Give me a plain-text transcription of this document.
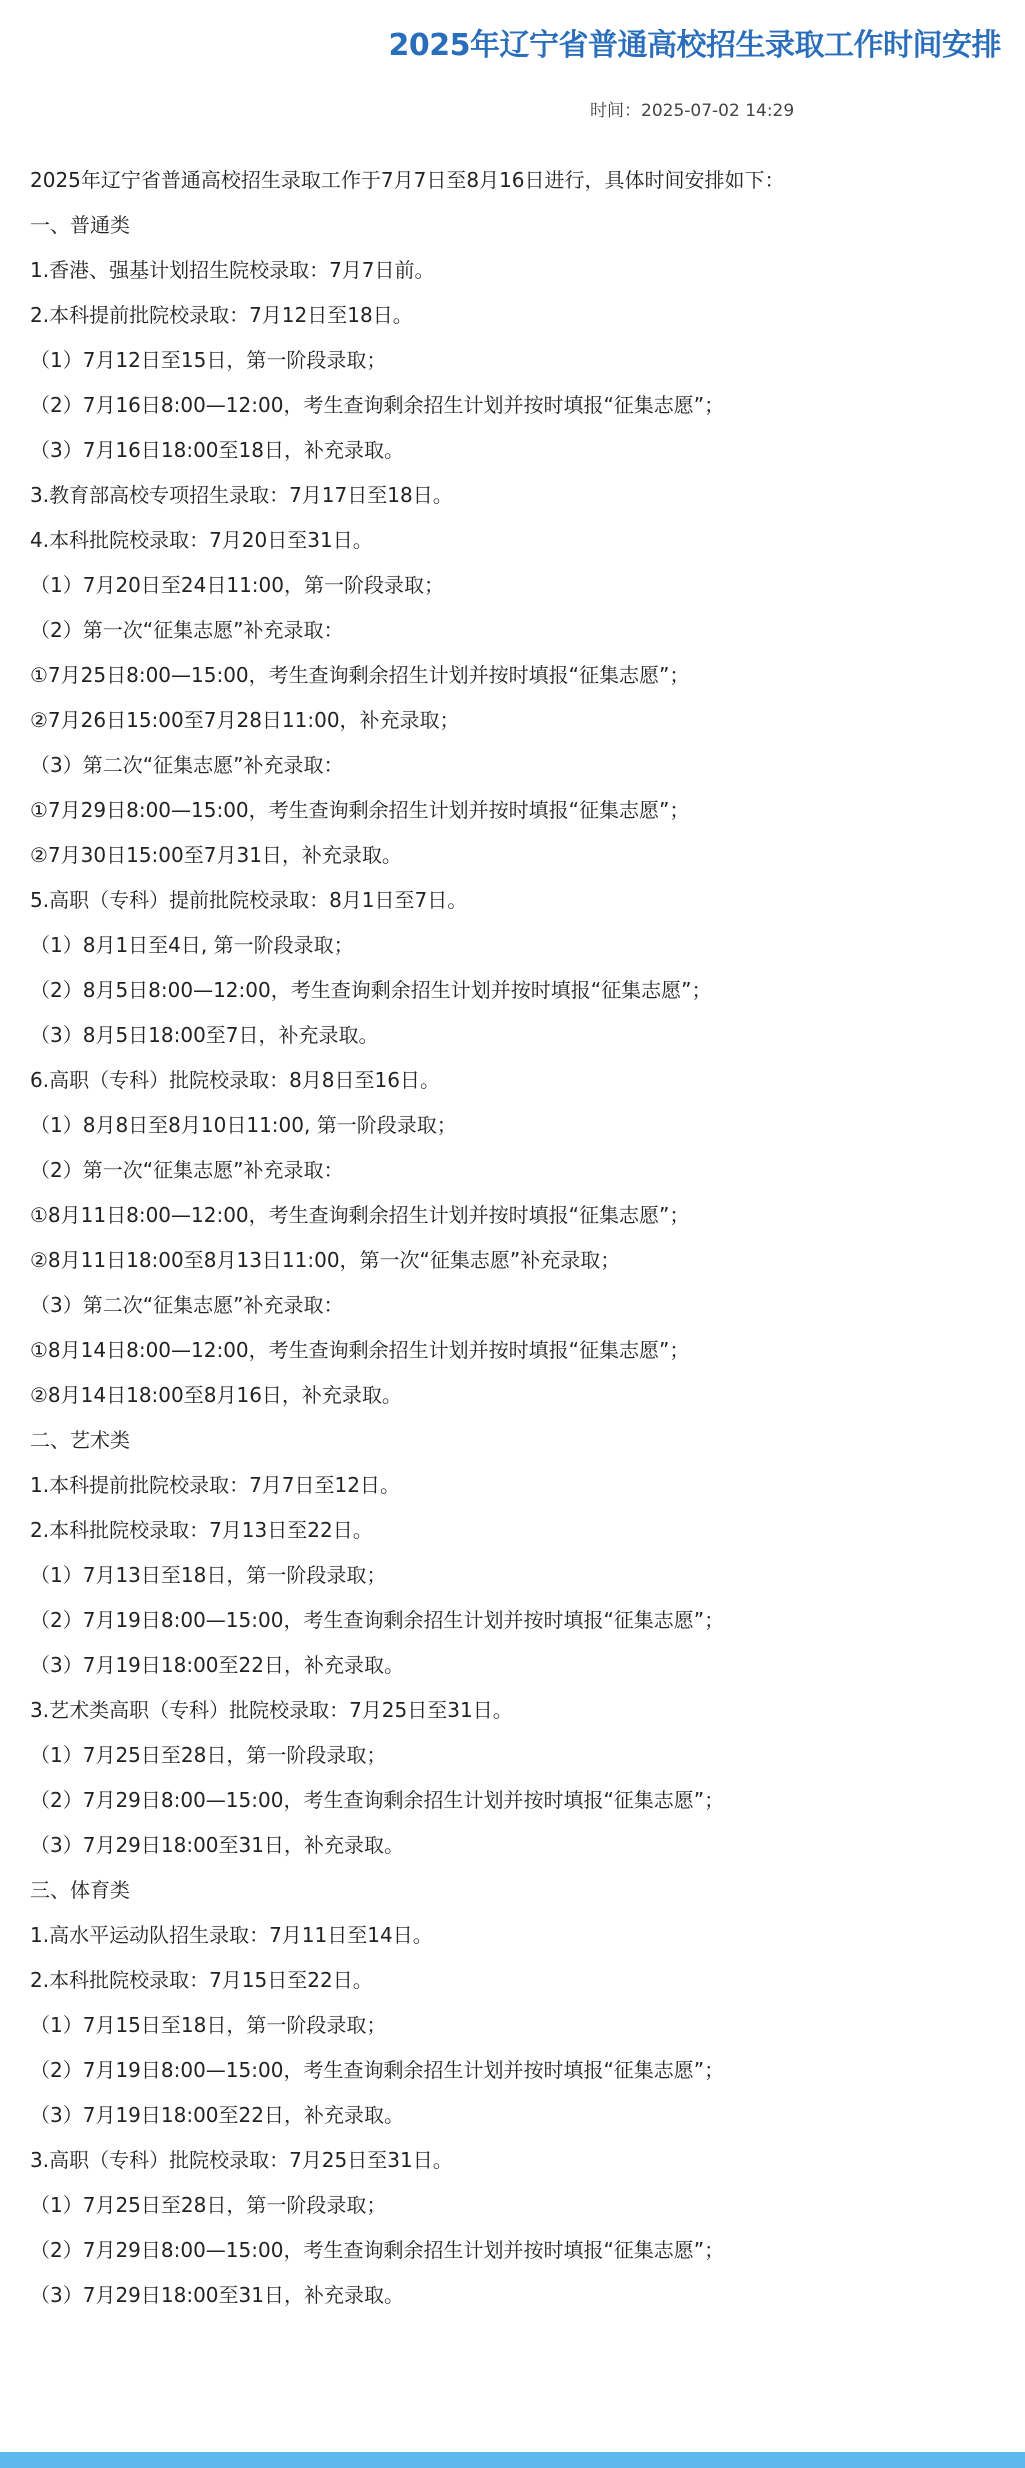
2025年辽宁省普通高校招生录取工作时间安排
时间：2025-07-02 14:29
2025年辽宁省普通高校招生录取工作于7月7日至8月16日进行，具体时间安排如下：
一、普通类
1.香港、强基计划招生院校录取：7月7日前。
2.本科提前批院校录取：7月12日至18日。
（1）7月12日至15日，第一阶段录取；
（2）7月16日8:00—12:00，考生查询剩余招生计划并按时填报“征集志愿”；
（3）7月16日18:00至18日，补充录取。
3.教育部高校专项招生录取：7月17日至18日。
4.本科批院校录取：7月20日至31日。
（1）7月20日至24日11:00，第一阶段录取；
（2）第一次“征集志愿”补充录取：
①7月25日8:00—15:00，考生查询剩余招生计划并按时填报“征集志愿”；
②7月26日15:00至7月28日11:00，补充录取；
（3）第二次“征集志愿”补充录取：
①7月29日8:00—15:00，考生查询剩余招生计划并按时填报“征集志愿”；
②7月30日15:00至7月31日，补充录取。
5.高职（专科）提前批院校录取：8月1日至7日。
（1）8月1日至4日, 第一阶段录取；
（2）8月5日8:00—12:00，考生查询剩余招生计划并按时填报“征集志愿”；
（3）8月5日18:00至7日，补充录取。
6.高职（专科）批院校录取：8月8日至16日。
（1）8月8日至8月10日11:00, 第一阶段录取；
（2）第一次“征集志愿”补充录取：
①8月11日8:00—12:00，考生查询剩余招生计划并按时填报“征集志愿”；
②8月11日18:00至8月13日11:00，第一次“征集志愿”补充录取；
（3）第二次“征集志愿”补充录取：
①8月14日8:00—12:00，考生查询剩余招生计划并按时填报“征集志愿”；
②8月14日18:00至8月16日，补充录取。
二、艺术类
1.本科提前批院校录取：7月7日至12日。
2.本科批院校录取：7月13日至22日。
（1）7月13日至18日，第一阶段录取；
（2）7月19日8:00—15:00，考生查询剩余招生计划并按时填报“征集志愿”；
（3）7月19日18:00至22日，补充录取。
3.艺术类高职（专科）批院校录取：7月25日至31日。
（1）7月25日至28日，第一阶段录取；
（2）7月29日8:00—15:00，考生查询剩余招生计划并按时填报“征集志愿”；
（3）7月29日18:00至31日，补充录取。
三、体育类
1.高水平运动队招生录取：7月11日至14日。
2.本科批院校录取：7月15日至22日。
（1）7月15日至18日，第一阶段录取；
（2）7月19日8:00—15:00，考生查询剩余招生计划并按时填报“征集志愿”；
（3）7月19日18:00至22日，补充录取。
3.高职（专科）批院校录取：7月25日至31日。
（1）7月25日至28日，第一阶段录取；
（2）7月29日8:00—15:00，考生查询剩余招生计划并按时填报“征集志愿”；
（3）7月29日18:00至31日，补充录取。
